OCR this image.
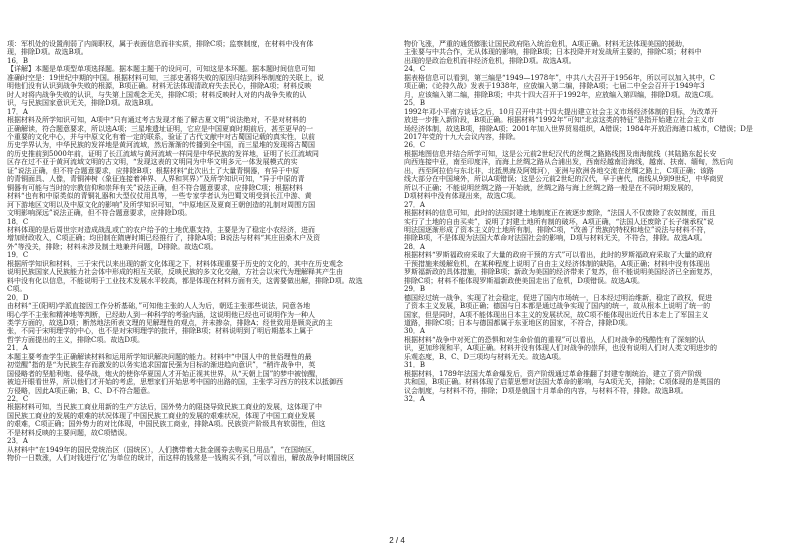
项：军机处的设置削弱了内阁职权，属于表面信息而非实质，排除C项；监察制度，在材料中没有体
现，排除D项。故选B项。
16．B
【详解】本题是单项型单项选择题。据本题主题干的设问可，可知这是本环题。据本题时间信息可知
准确时空是：19世纪中期的中国。根据材料可知，三部史著将失败的原因归结到科举制度的关联上，说
明他们没有认识到战争失败的根源，B项正确。材料无法体现清政府失去民心，排除A项；材料反映
时人对将内战争失败的认识，与失第上国观念无关，排除C项；材料反映时人对的内战争失败的认
识，与民族国家意识无关，排除D项。故选B项。
17．A
根据材料及所学知识可知，A项中“只有通过考古发现才能了解古夏文明”说法绝对，不是对材料的
正确解读，符合题意要求，所以选A项；三星堆遗址证明，它应是中国夏商时期前后，甚至更早的一
个重要的文化中心，并与中原文化有着一定的联系，验证了古代文献中对古蜀国记载的真实性，以前
历史学界认为，中华民族的发祥地是黄河流域，然后渐渐的传播到全中国，而三星堆的发现将古蜀国
的历史推前到5000年前，证明了长江流域与黄河流域一样同是中华民族的发祥地，证明了长江流域同
区存在过不亚于黄河流域文明的古文明，“发现这表的文明同为中华文明多元一体发展模式的实
证”说法正确，但不符合题意要求，应排除B项；根据材料“此次出土了大量青铜器，有异于中原
的青铜面具、人像，青铜神树（象征连接着神界、人界和冥界）”及所学知识可知，“异于中原的青
铜器有可能与当时的宗教信仰和崇拜有关”说法正确，但不符合题意要求，应排除C项；根据材料
材料“也有和中原类似的青铜礼器和大型仪仗用具等，一些专家学者认为巴蜀文明受到长江中游、黄
河下游地区文明以及中原文化的影响”及所学知识可知，“中原地区及夏商王朝创造的礼制对周围方国
文明影响深远”说法正确，但不符合题意要求，应排除D项。
18．C
材料体现的是后周世宗对造成战乱或亡的农户给予的土地优惠支持，主要是为了稳定小农经济，进而
增加财政收入，C项正确；均田制在隋唐时期已经推行了，排除A项；B说法与材料“其庄田桑木户及资
外”等没关，排除；材料未涉及制土地兼并问题，D排除。故选C项。
19．C
根据所学知识和材料，三于宋代以来出现的新文化体现之下，材料体现重要于历史的文化的，其中在历史观念
说明民族国家人民族能力社会体中形成的相互关联，反映民族的多文化交融，方社会以宋代为理解释其产生由
料中没有化以信息，不能说明于工业技术发展水平较高，都是体现在材料方面有关，这需要做出解，排除D项。故选
C项。
20．D
由材料“王(阳明)学派直接因工作分析基础，”可知他主张的人人为后，朝廷主张那些说法，同意各地
明心学不主张和精神地等判断，已经助人到一种科学的考验内涵，这说明他已经也可说明作为一种人
类学方面的，故选D项；断然地法所表文理的见解理性的观点，并未掺杂，排除A；经世致用是顾炎武的主
张，不同于宋明理学的中心，也不是对宋明理学的批评，排除B项；材料说明到了明后期基本上属于
哲学方面提出的主义，排除C项。故选D项。
21．A
本题主要考查学生正确解读材料和运用所学知识解决问题的能力。材料中“中国人中的世俗理性的最
初觉醒”指的是“为民族生存而激发的以务实追求国富民强为目标的渐进趋向意识”，“稍许战争中，英
国侵略者的坚船利炮、侵华战，炮火的使你华夏国人才开始正视其世界，从“天朝上国”的梦中被惊醒，
被迫开眼看世界，所以他们才开始的考虑，思想家们开始思考中国的出路的国，主张学习西方的技术以抵御西
方侵略，因此A项正确；B、C、D不符合题意。
22．C
根据材料可知，当民族工商业用新的生产方法后，国外势力的阻挠导致民族工商业的发展，这体现了中
国民族工商业的发展的艰难的状况体现了中国民族工商业的发展的艰难状况，体现了中国工商业发展
的艰难，C项正确；国外势力的对比体现，中国民族工商业，排除A项。民族资产阶级具有软弱性，但这
不是材料反映的主要问题，故C项错误。
23．A
从材料中“在1949年的国民党统治区（国统区），人们携带着大批金圆券去购买日用品”，“在国统区，
物价一日数涨，人们对钱进行‘亿’为单位的统计，而这样的钱常是一钱购买不到，”可以看出，解放战争时期国统区
物价飞涨，严重的通货膨胀让国民政府陷入统治危机，A项正确。材料无法体现美国的援助，
主张要与中共合作，无从体现的影响，排除B项；日本投降并对发战所主要的，排除C项；材料中
出现的是政治危机而非经济危机，排除D项。故选A项。
24．C
据表格信息可以看到，第三编是“1949—1978年”，中共八大召开于1956年，所以可以加入其中，C
项正确；《论持久战》发表于1938年，应放编入第二编，排除A项；七届二中全会召开于1949年3
月，应该编入第二编，排除B项；中共十四大召开于1992年，应放编入第四编，排除D项。故选C项。
25．B
1992年邓小平南方谈话之后，10月召开中共十四大提出建立社会主义市场经济体制的目标，为改革开
放进一步推入新阶段，B项正确。根据材料“1992年”可知“北京这类的特征”是指开始建立社会主义市
场经济体制，故选B项，排除A项；2001年加入世界贸易组织，A错误；1984年开放沿海港口城市，C错误；D是
2017年党的十九大会议内容，排除。
26．C
根据地图信息并结合所学可知，这是公元前2世纪汉代的丝绸之路路线图及南海航线（其陆路东起长安
向西连接中亚，南至印度洋，而海上丝绸之路从合浦出发，西南经越南沿海线，越南、扶南、缅甸，然后向
出，西至阿拉伯与东北非，北抵黑海及阿姆河），亚洲与欧洲各地交流在丝绸之路上，C项正确；该路
线大部分在中国境外，所以A项错误；这是公元前2世纪的汉代，早于唐代，南线从9到9世纪，中华商贸
所以不正确；不能说明丝绸之路一开始就，丝绸之路与海上丝绸之路一般是在不同时期发展的，
D项材料中没有体现出来，故选C项。
27．A
根据材料的信息可知，此时的法国封建土地制度正在被逐步废除，“法国人不仅废除了农奴制度，而且
实行了土地的自由买卖”，说明了封建土地所有制的破坏，A项正确，“法国人还废除了长子继承权”说
明法国逐渐形成了资本主义的土地所有制，排除C项，“改善了贵族的特权和地位”说法与材料不符，
排除B项，不是体现为法国大革命对法国社会的影响，D项与材料无关，不符合，排除。故选A项。
28．A
根据材料“罗斯福政府采取了大量的政府干预的方式”可以看出，此时的罗斯福政府采取了大量的政府
干预措施来缓解危机，在某种程度上说明了自由主义经济体制的缺陷，A项正确；材料中没有体现出
罗斯福新政的具体措施，排除B项；新政为美国的经济带来了复苏，但不能说明美国经济已全面复苏，
排除C项；材料不能体现罗斯福新政使美国走出了危机，D项错误。故选A项。
29．B
德国经过统一战争，实现了社会稳定，促进了国内市场统一，日本经过明治维新，稳定了政权，促进
了资本主义发展，B项正确；德国与日本都是通过战争实现了国内的统一，故从根本上说明了统一的
国家，但是同时，A项不能体现出日本主义的发展状况，故C项不能体现出近代日本走上了军国主义
道路，排除C项；日本与德国都属于东亚地区的国家，不符合，排除D项。
30．A
根据材料“战争中对死亡的恐惧和对生命价值的重视”可以看出，人们对战争的残酷性有了深刻的认
识，更加珍视和平，A项正确。材料并没有体现人们对战争的崇拜，也没有说明人们对人类文明进步的
乐观态度，B、C、D三项均与材料无关。故选A项。
31．B
根据材料，1789年法国大革命爆发后，资产阶级通过革命推翻了封建专制统治，建立了资产阶级
共和国，B项正确。材料体现了启蒙思想对法国大革命的影响，与A项无关，排除；C项体现的是英国的
议会制度，与材料不符，排除；D项是俄国十月革命的内容，与材料不符，排除。故选B项。
32．A
2 / 4
